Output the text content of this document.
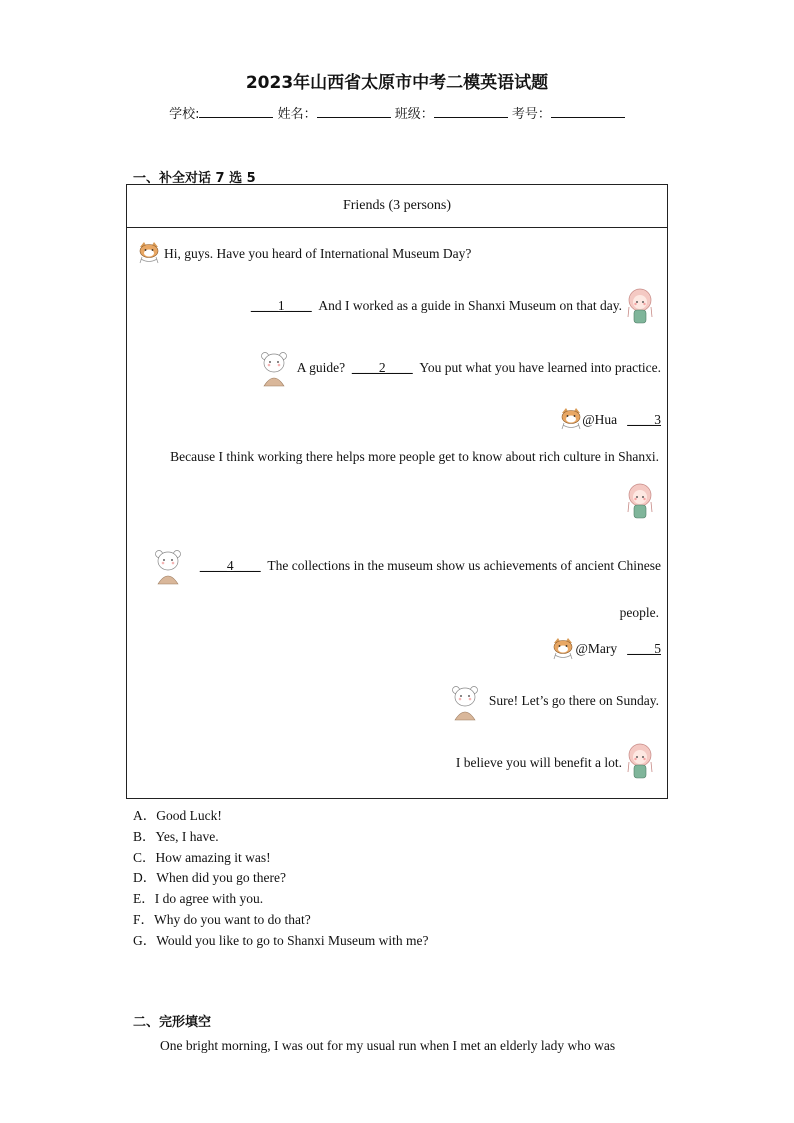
2023年山西省太原市中考二模英语试题
学校:	姓名：	班级：	考号：
一、补全对话 7 选 5
Friends (3 persons)
Hi, guys. Have you heard of International Museum Day?
____1____ And I worked as a guide in Shanxi Museum on that day.
A guide? ____2____ You put what you have learned into practice.
@Hua ____3
Because I think working there helps more people get to know about rich culture in Shanxi.
____4____ The collections in the museum show us achievements of ancient Chinese
people.
@Mary ____5
Sure! Let’s go there on Sunday.
I believe you will benefit a lot.
A．Good Luck!
B．Yes, I have.
C．How amazing it was!
D．When did you go there?
E．I do agree with you.
F．Why do you want to do that?
G．Would you like to go to Shanxi Museum with me?
二、完形填空
One bright morning, I was out for my usual run when I met an elderly lady who was
